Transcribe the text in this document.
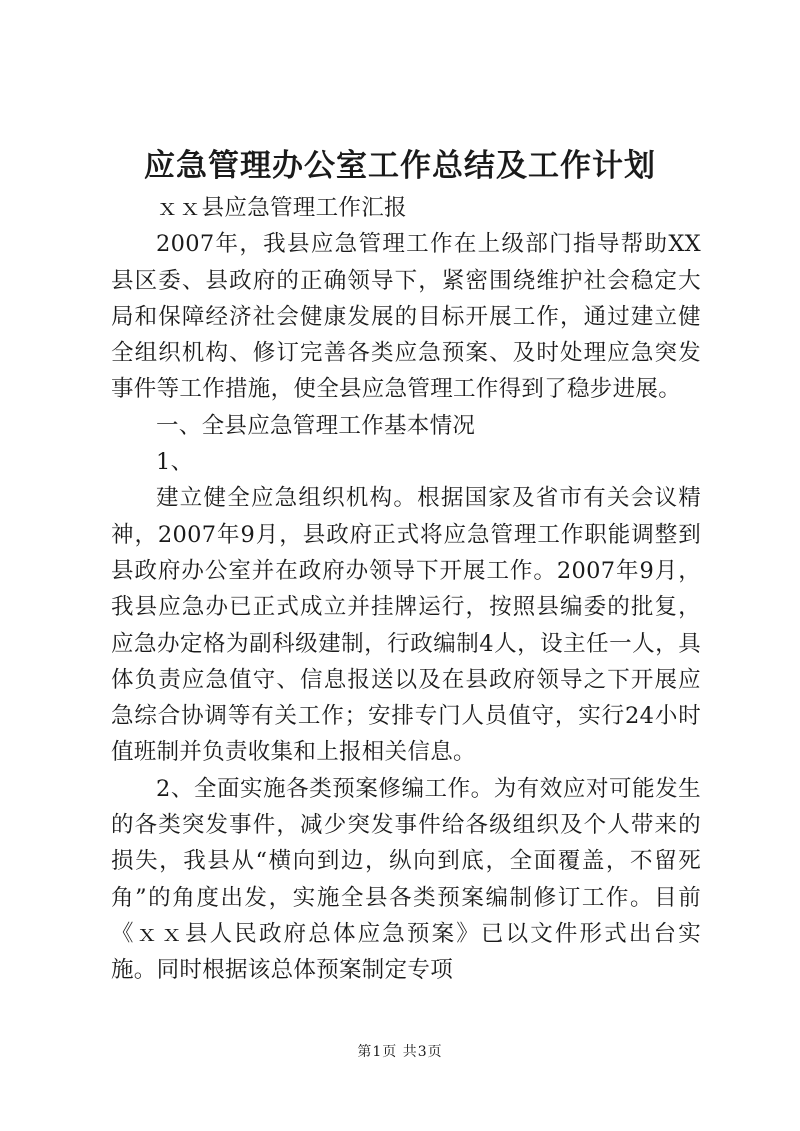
应急管理办公室工作总结及工作计划

ｘｘ县应急管理工作汇报

2007年，我县应急管理工作在上级部门指导帮助XX县区委、县政府的正确领导下，紧密围绕维护社会稳定大局和保障经济社会健康发展的目标开展工作，通过建立健全组织机构、修订完善各类应急预案、及时处理应急突发事件等工作措施，使全县应急管理工作得到了稳步进展。

一、全县应急管理工作基本情况

1、

建立健全应急组织机构。根据国家及省市有关会议精神，2007年9月，县政府正式将应急管理工作职能调整到县政府办公室并在政府办领导下开展工作。2007年9月，我县应急办已正式成立并挂牌运行，按照县编委的批复，应急办定格为副科级建制，行政编制4人，设主任一人，具体负责应急值守、信息报送以及在县政府领导之下开展应急综合协调等有关工作；安排专门人员值守，实行24小时值班制并负责收集和上报相关信息。

2、全面实施各类预案修编工作。为有效应对可能发生的各类突发事件，减少突发事件给各级组织及个人带来的损失，我县从“横向到边，纵向到底，全面覆盖，不留死角”的角度出发，实施全县各类预案编制修订工作。目前《ｘｘ县人民政府总体应急预案》已以文件形式出台实施。同时根据该总体预案制定专项

第1页 共3页
